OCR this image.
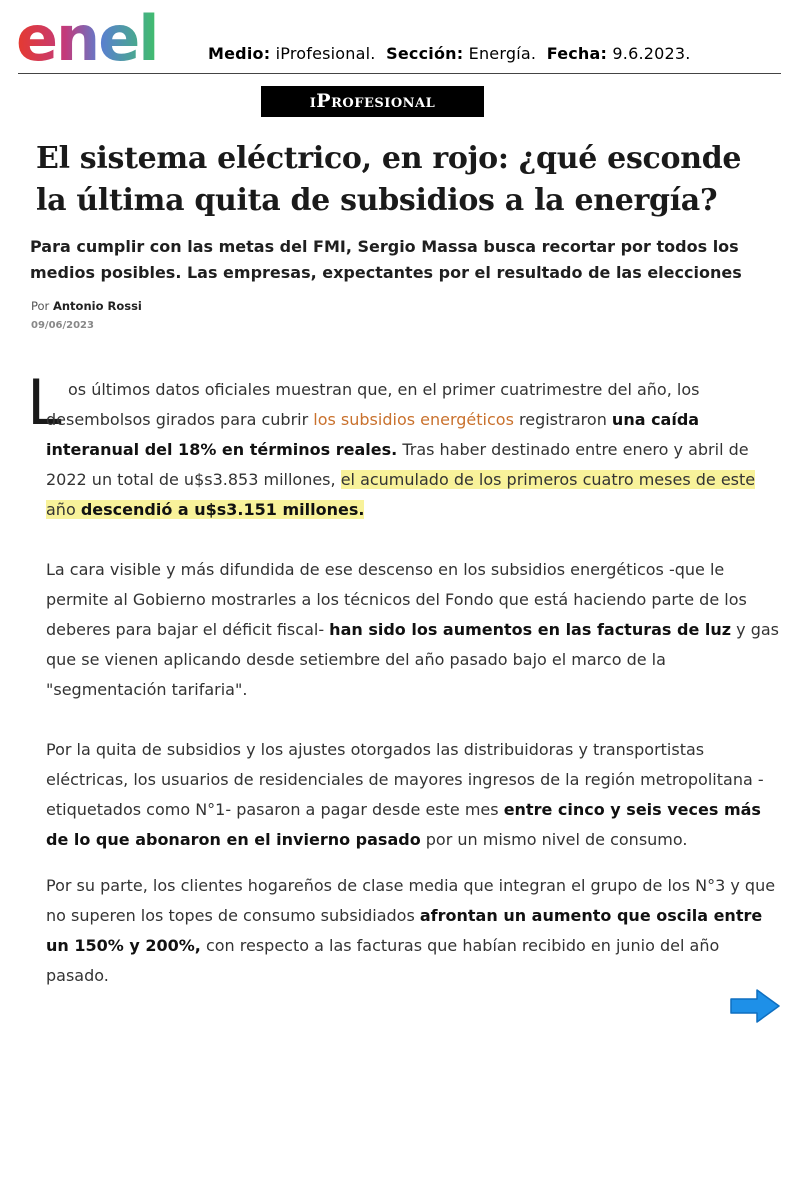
enel	Medio: iProfesional. Sección: Energía. Fecha: 9.6.2023.
iProfesional
El sistema eléctrico, en rojo: ¿qué esconde la última quita de subsidios a la energía?

Para cumplir con las metas del FMI, Sergio Massa busca recortar por todos los medios posibles. Las empresas, expectantes por el resultado de las elecciones

Por Antonio Rossi
09/06/2023
L os últimos datos oficiales muestran que, en el primer cuatrimestre del año, los desembolsos girados para cubrir los subsidios energéticos registraron una caída interanual del 18% en términos reales. Tras haber destinado entre enero y abril de 2022 un total de u$s3.853 millones, el acumulado de los primeros cuatro meses de este año descendió a u$s3.151 millones.

La cara visible y más difundida de ese descenso en los subsidios energéticos -que le permite al Gobierno mostrarles a los técnicos del Fondo que está haciendo parte de los deberes para bajar el déficit fiscal- han sido los aumentos en las facturas de luz y gas que se vienen aplicando desde setiembre del año pasado bajo el marco de la "segmentación tarifaria".

Por la quita de subsidios y los ajustes otorgados las distribuidoras y transportistas eléctricas, los usuarios de residenciales de mayores ingresos de la región metropolitana -etiquetados como N°1- pasaron a pagar desde este mes entre cinco y seis veces más de lo que abonaron en el invierno pasado por un mismo nivel de consumo.

Por su parte, los clientes hogareños de clase media que integran el grupo de los N°3 y que no superen los topes de consumo subsidiados afrontan un aumento que oscila entre un 150% y 200%, con respecto a las facturas que habían recibido en junio del año pasado.
